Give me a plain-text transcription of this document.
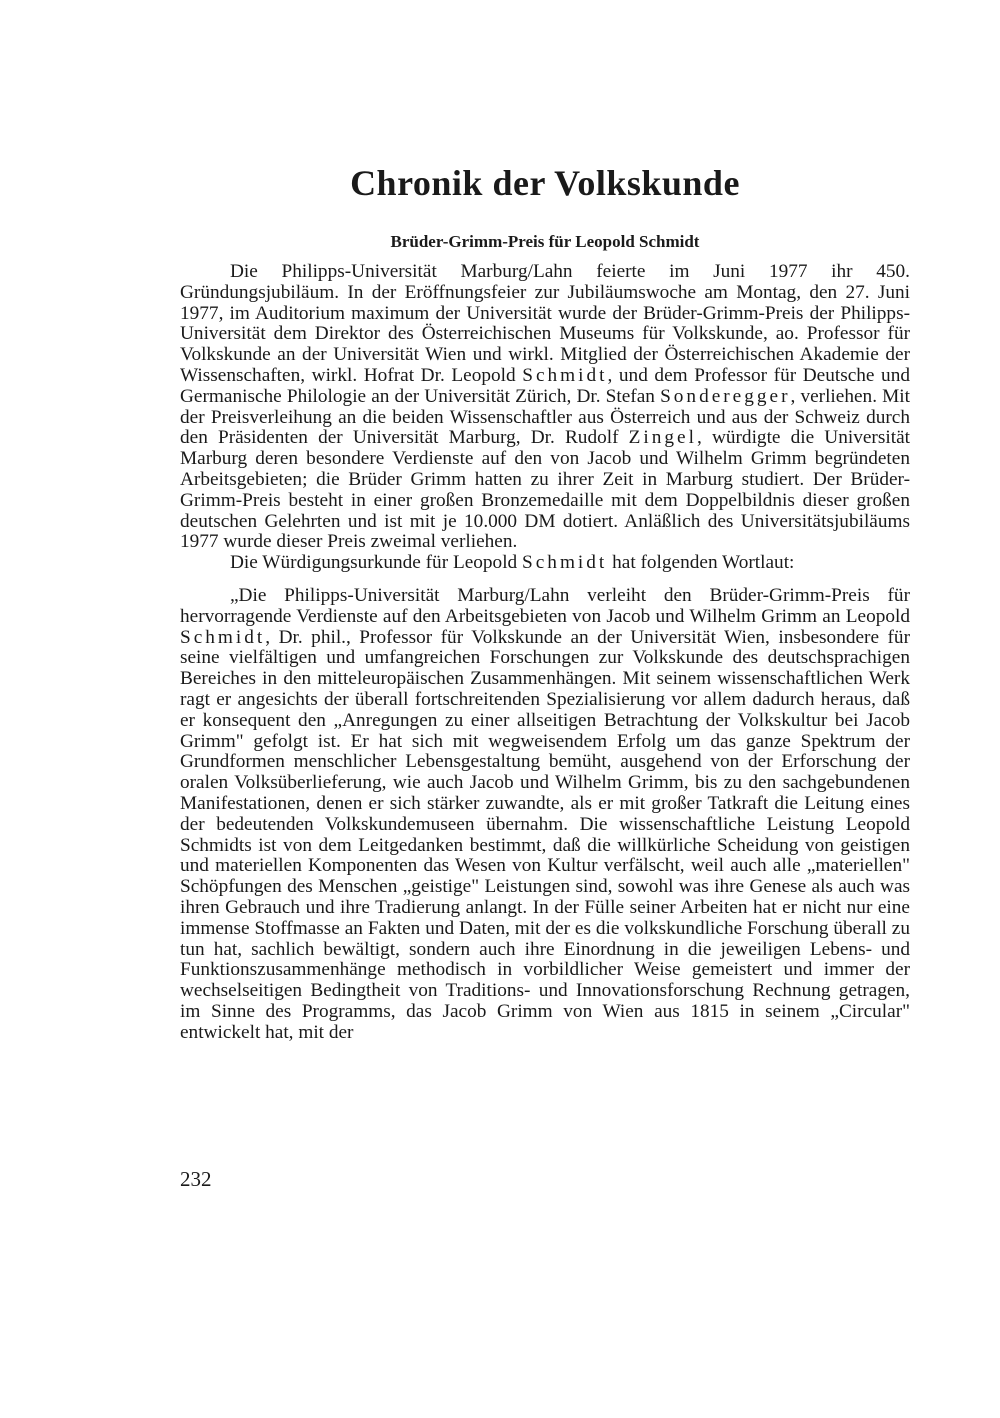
Chronik der Volkskunde
Brüder-Grimm-Preis für Leopold Schmidt

Die Philipps-Universität Marburg/Lahn feierte im Juni 1977 ihr 450. Gründungsjubiläum. In der Eröffnungsfeier zur Jubiläumswoche am Montag, den 27. Juni 1977, im Auditorium maximum der Universität wurde der Brüder-Grimm-Preis der Philipps-Universität dem Direktor des Österreichischen Museums für Volkskunde, ao. Professor für Volkskunde an der Universität Wien und wirkl. Mitglied der Österreichischen Akademie der Wissenschaften, wirkl. Hofrat Dr. Leopold Schmidt, und dem Professor für Deutsche und Germanische Philologie an der Universität Zürich, Dr. Stefan Sonderegger, verliehen. Mit der Preisverleihung an die beiden Wissenschaftler aus Österreich und aus der Schweiz durch den Präsidenten der Universität Marburg, Dr. Rudolf Zingel, würdigte die Universität Marburg deren besondere Verdienste auf den von Jacob und Wilhelm Grimm begründeten Arbeitsgebieten; die Brüder Grimm hatten zu ihrer Zeit in Marburg studiert. Der Brüder-Grimm-Preis besteht in einer großen Bronzemedaille mit dem Doppelbildnis dieser großen deutschen Gelehrten und ist mit je 10.000 DM dotiert. Anläßlich des Universitätsjubiläums 1977 wurde dieser Preis zweimal verliehen.

Die Würdigungsurkunde für Leopold Schmidt hat folgenden Wortlaut:

„Die Philipps-Universität Marburg/Lahn verleiht den Brüder-Grimm-Preis für hervorragende Verdienste auf den Arbeitsgebieten von Jacob und Wilhelm Grimm an Leopold Schmidt, Dr. phil., Professor für Volkskunde an der Universität Wien, insbesondere für seine vielfältigen und umfangreichen Forschungen zur Volkskunde des deutschsprachigen Bereiches in den mitteleuropäischen Zusammenhängen. Mit seinem wissenschaftlichen Werk ragt er angesichts der überall fortschreitenden Spezialisierung vor allem dadurch heraus, daß er konsequent den „Anregungen zu einer allseitigen Betrachtung der Volkskultur bei Jacob Grimm" gefolgt ist. Er hat sich mit wegweisendem Erfolg um das ganze Spektrum der Grundformen menschlicher Lebensgestaltung bemüht, ausgehend von der Erforschung der oralen Volksüberlieferung, wie auch Jacob und Wilhelm Grimm, bis zu den sachgebundenen Manifestationen, denen er sich stärker zuwandte, als er mit großer Tatkraft die Leitung eines der bedeutenden Volkskundemuseen übernahm. Die wissenschaftliche Leistung Leopold Schmidts ist von dem Leitgedanken bestimmt, daß die willkürliche Scheidung von geistigen und materiellen Komponenten das Wesen von Kultur verfälscht, weil auch alle „materiellen" Schöpfungen des Menschen „geistige" Leistungen sind, sowohl was ihre Genese als auch was ihren Gebrauch und ihre Tradierung anlangt. In der Fülle seiner Arbeiten hat er nicht nur eine immense Stoffmasse an Fakten und Daten, mit der es die volkskundliche Forschung überall zu tun hat, sachlich bewältigt, sondern auch ihre Einordnung in die jeweiligen Lebens- und Funktionszusammenhänge methodisch in vorbildlicher Weise gemeistert und immer der wechselseitigen Bedingtheit von Traditions- und Innovationsforschung Rechnung getragen, im Sinne des Programms, das Jacob Grimm von Wien aus 1815 in seinem „Circular" entwickelt hat, mit der

232
